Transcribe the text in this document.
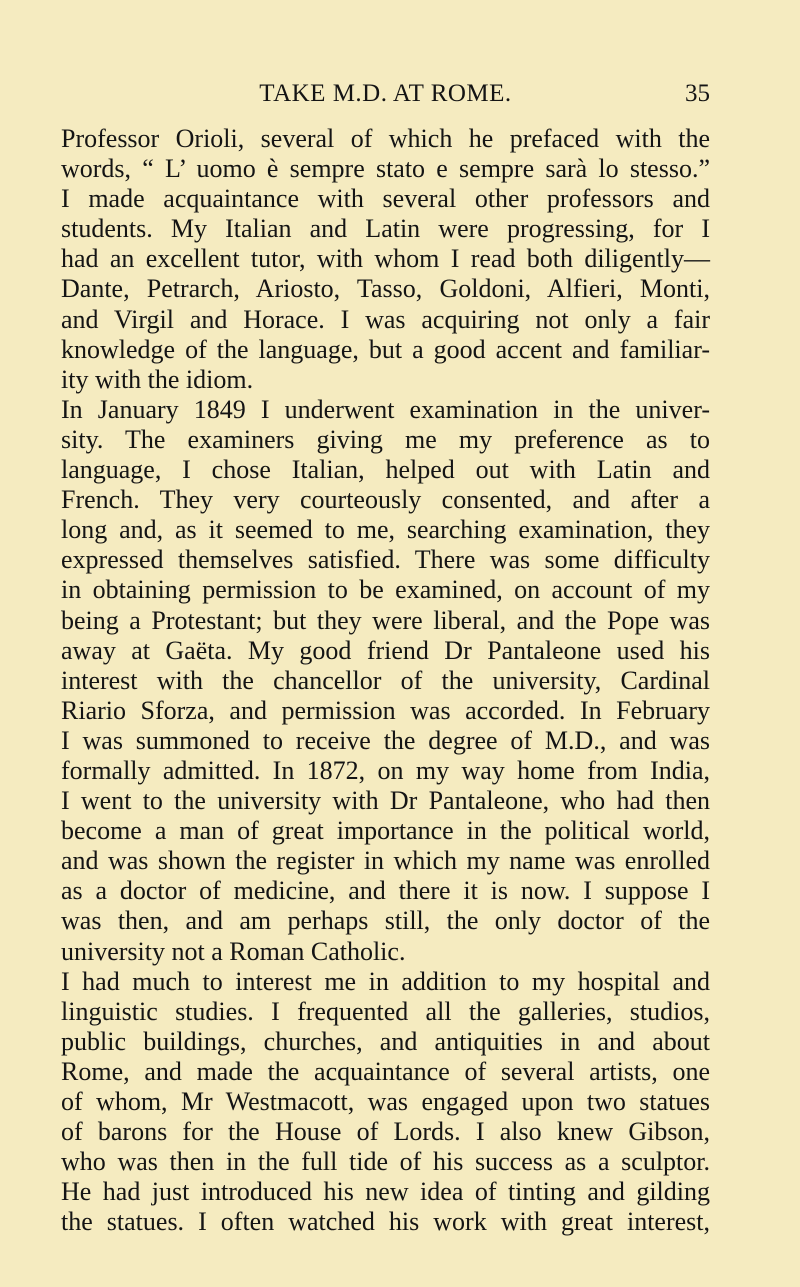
TAKE M.D. AT ROME.	35

Professor Orioli, several of which he prefaced with the
words, “ L’ uomo è sempre stato e sempre sarà lo stesso.”
I made acquaintance with several other professors and
students. My Italian and Latin were progressing, for I
had an excellent tutor, with whom I read both diligently—
Dante, Petrarch, Ariosto, Tasso, Goldoni, Alfieri, Monti,
and Virgil and Horace. I was acquiring not only a fair
knowledge of the language, but a good accent and familiar-
ity with the idiom.

In January 1849 I underwent examination in the univer-
sity. The examiners giving me my preference as to
language, I chose Italian, helped out with Latin and
French. They very courteously consented, and after a
long and, as it seemed to me, searching examination, they
expressed themselves satisfied. There was some difficulty
in obtaining permission to be examined, on account of my
being a Protestant; but they were liberal, and the Pope was
away at Gaëta. My good friend Dr Pantaleone used his
interest with the chancellor of the university, Cardinal
Riario Sforza, and permission was accorded. In February
I was summoned to receive the degree of M.D., and was
formally admitted. In 1872, on my way home from India,
I went to the university with Dr Pantaleone, who had then
become a man of great importance in the political world,
and was shown the register in which my name was enrolled
as a doctor of medicine, and there it is now. I suppose I
was then, and am perhaps still, the only doctor of the
university not a Roman Catholic.

I had much to interest me in addition to my hospital and
linguistic studies. I frequented all the galleries, studios,
public buildings, churches, and antiquities in and about
Rome, and made the acquaintance of several artists, one
of whom, Mr Westmacott, was engaged upon two statues
of barons for the House of Lords. I also knew Gibson,
who was then in the full tide of his success as a sculptor.
He had just introduced his new idea of tinting and gilding
the statues. I often watched his work with great interest,
